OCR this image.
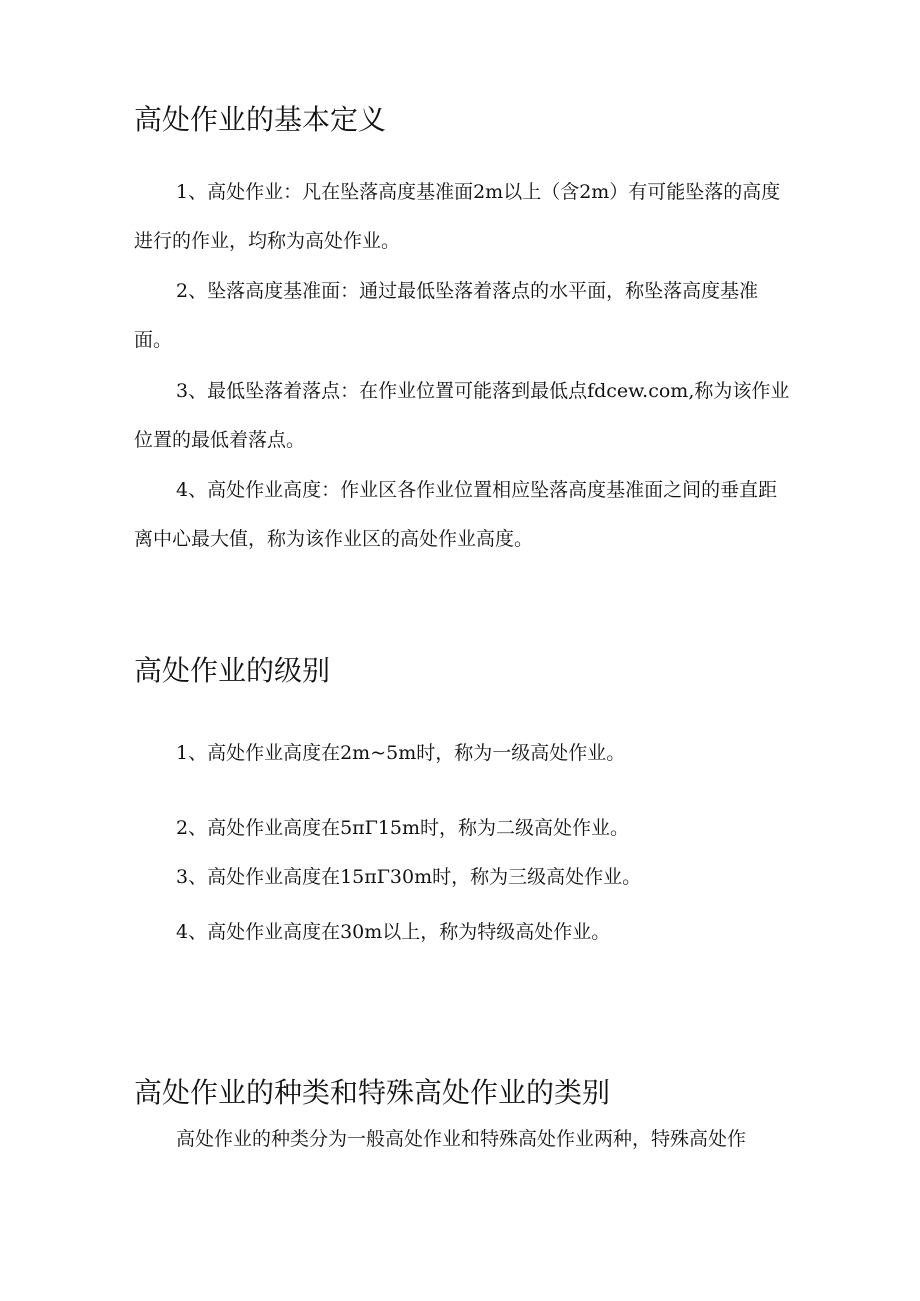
高处作业的基本定义
1、高处作业：凡在坠落高度基准面2m以上（含2m）有可能坠落的高度进行的作业，均称为高处作业。
2、坠落高度基准面：通过最低坠落着落点的水平面，称坠落高度基准面。
3、最低坠落着落点：在作业位置可能落到最低点fdcew.com,称为该作业位置的最低着落点。
4、高处作业高度：作业区各作业位置相应坠落高度基准面之间的垂直距离中心最大值，称为该作业区的高处作业高度。
高处作业的级别
1、高处作业高度在2m~5m时，称为一级高处作业。
2、高处作业高度在5πΓ15m时，称为二级高处作业。
3、高处作业高度在15πΓ30m时，称为三级高处作业。
4、高处作业高度在30m以上，称为特级高处作业。
高处作业的种类和特殊高处作业的类别
高处作业的种类分为一般高处作业和特殊高处作业两种，特殊高处作
